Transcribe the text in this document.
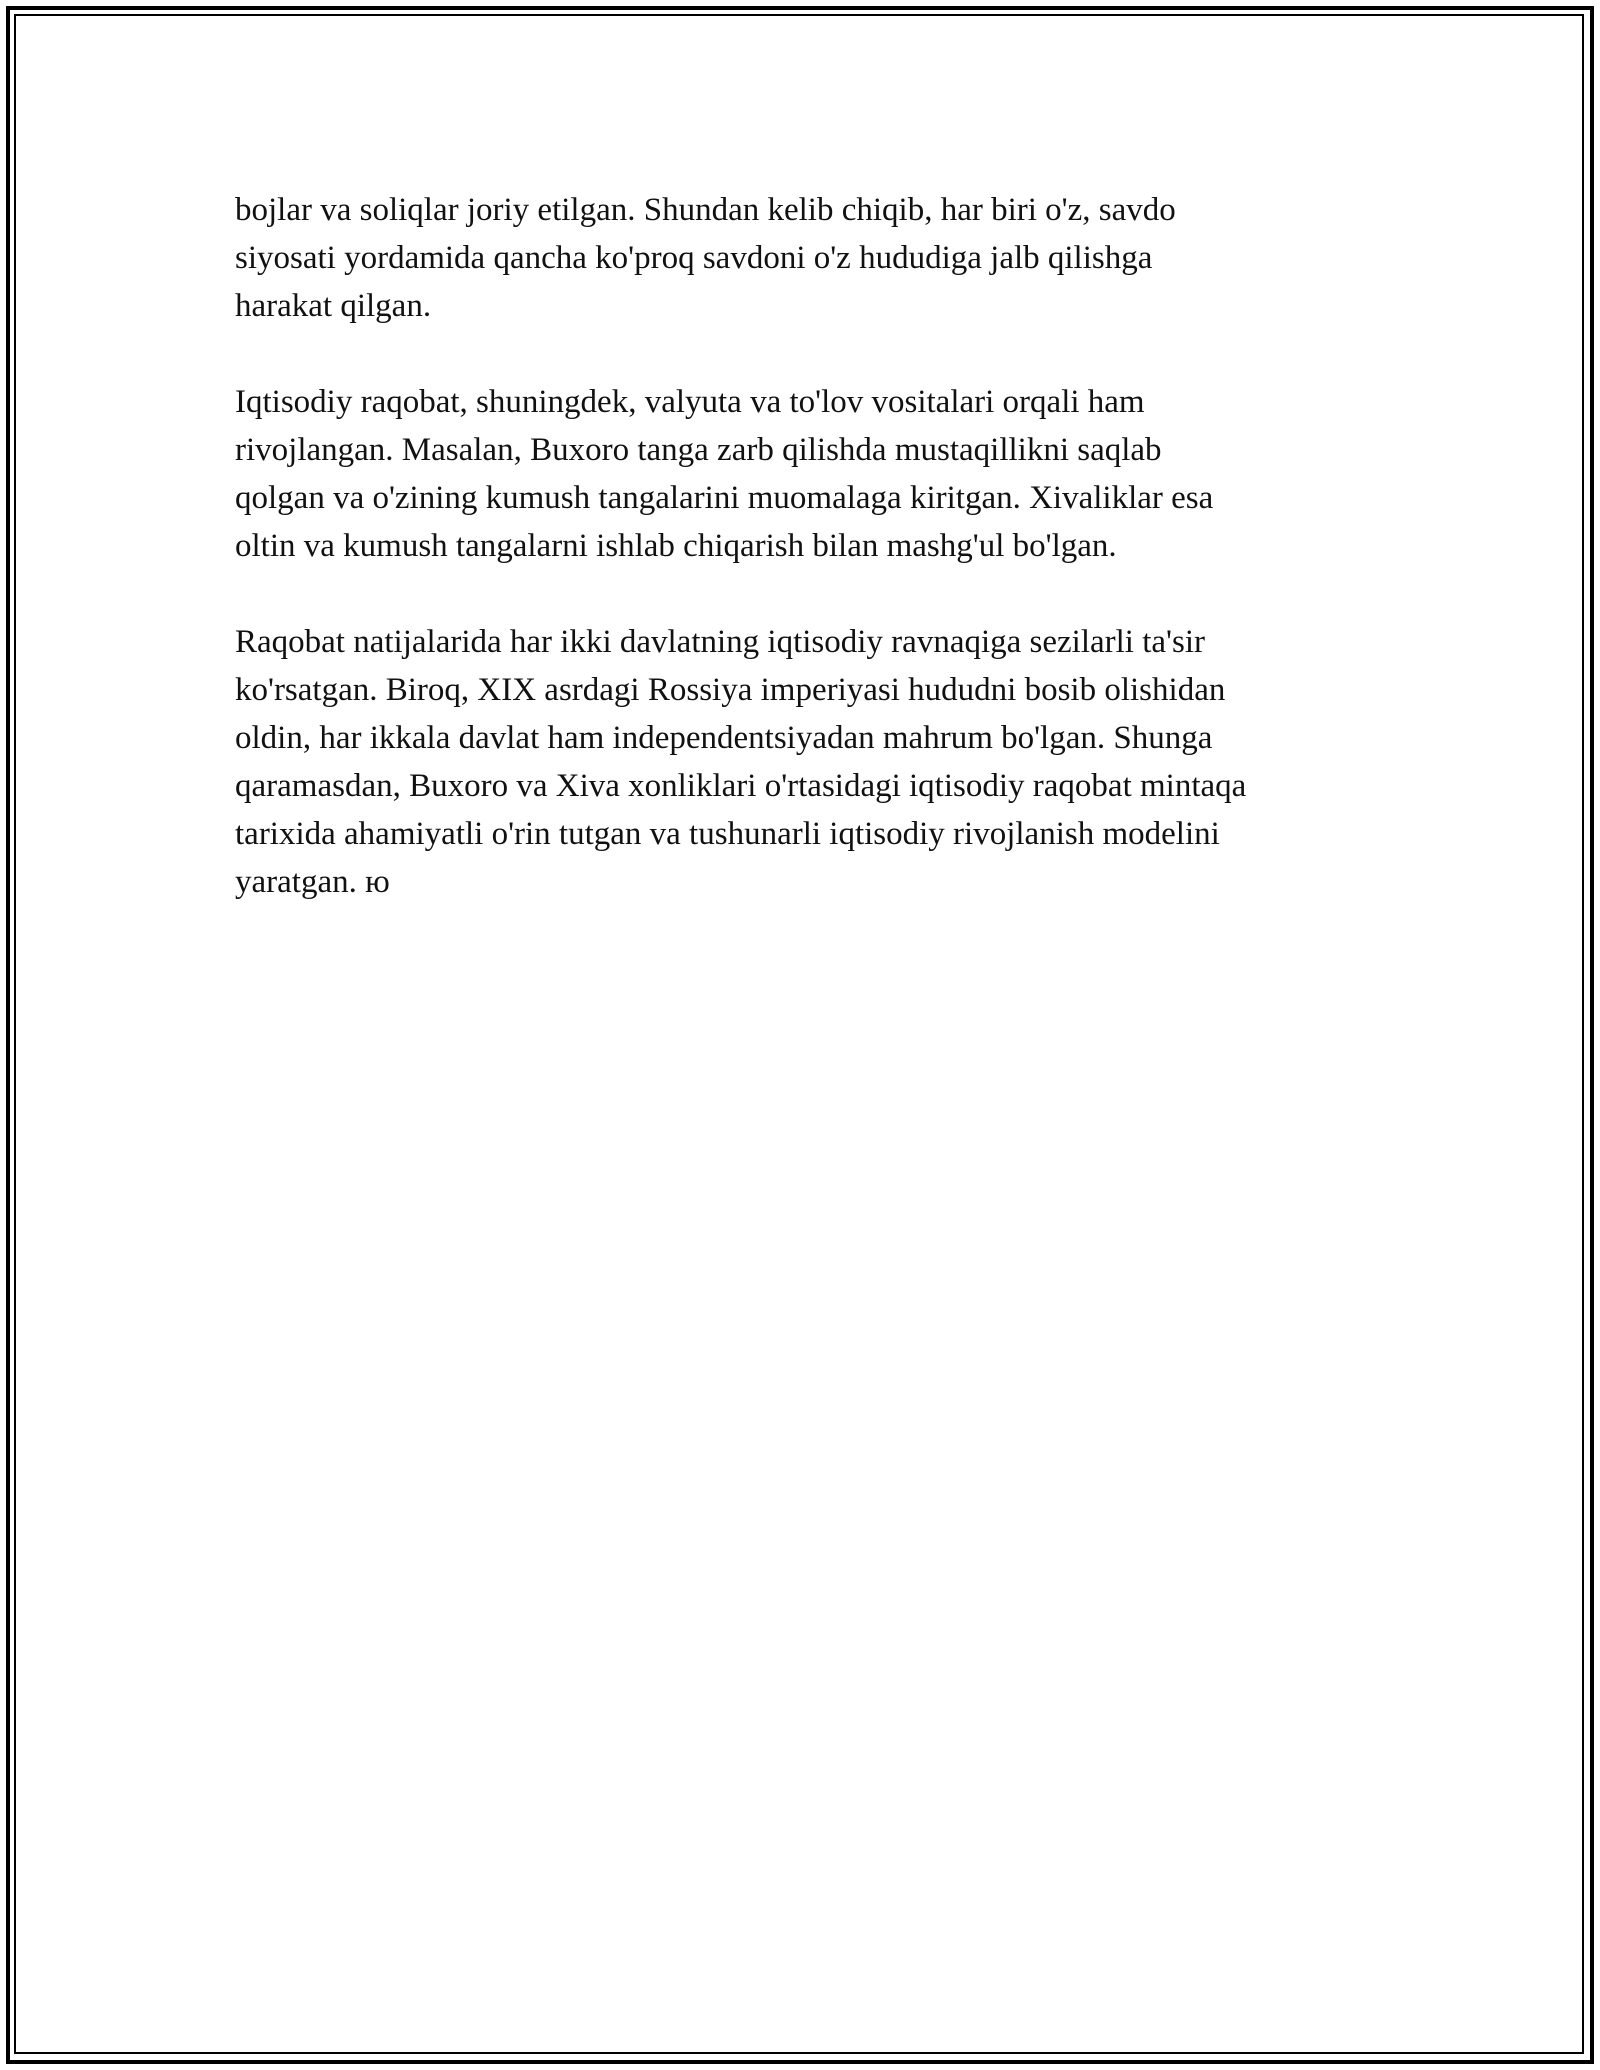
bojlar va soliqlar joriy etilgan. Shundan kelib chiqib, har biri o'z, savdo
siyosati yordamida qancha ko'proq savdoni o'z hududiga jalb qilishga
harakat qilgan.

Iqtisodiy raqobat, shuningdek, valyuta va to'lov vositalari orqali ham
rivojlangan. Masalan, Buxoro tanga zarb qilishda mustaqillikni saqlab
qolgan va o'zining kumush tangalarini muomalaga kiritgan. Xivaliklar esa
oltin va kumush tangalarni ishlab chiqarish bilan mashg'ul bo'lgan.

Raqobat natijalarida har ikki davlatning iqtisodiy ravnaqiga sezilarli ta'sir
ko'rsatgan. Biroq, XIX asrdagi Rossiya imperiyasi hududni bosib olishidan
oldin, har ikkala davlat ham independentsiyadan mahrum bo'lgan. Shunga
qaramasdan, Buxoro va Xiva xonliklari o'rtasidagi iqtisodiy raqobat mintaqa
tarixida ahamiyatli o'rin tutgan va tushunarli iqtisodiy rivojlanish modelini
yaratgan. ю
